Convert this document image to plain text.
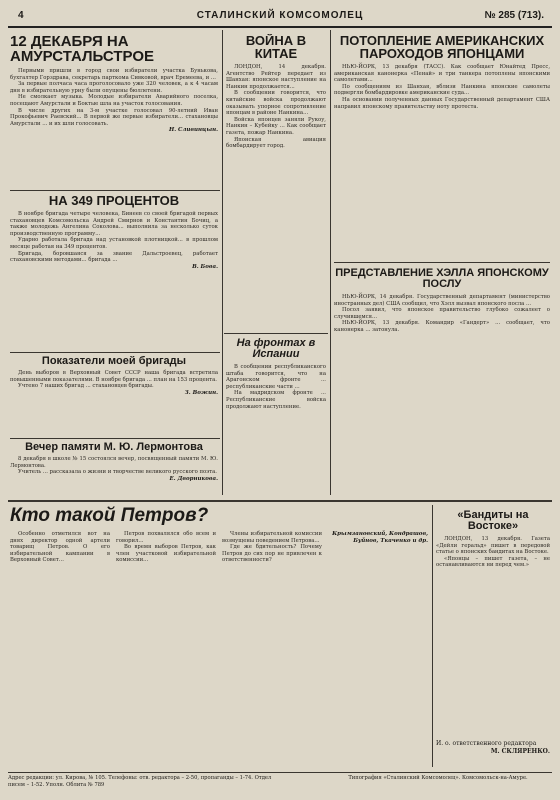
4	СТАЛИНСКИЙ КОМСОМОЛЕЦ	№ 285 (713).
12 ДЕКАБРЯ НА АМУРСТАЛЬСТРОЕ

Первыми пришли в город свои избиратели участка Бунькова, бухгалтер Горздрава, секретарь парткома Сивковой, врач Еремеева, и ...

За первые полчаса часа проголосовало уже 320 человек, а к 4 часам дня в избирательную урну были опущены бюллетени.

Не смолкает музыка. Молодые избиратели Аварийного поселка, посещают Амурстали и Боктые шла на участок голосования.

В числе других на 3-м участке голосовал 90-летний Иван Прокофьевич Раевский... В первой же первые избиратели... стахановцы Амурстали ... и их шли голосовать.

Н. Сливинцын.

НА 349 ПРОЦЕНТОВ

В ноябре бригада четыре человека, Бинеев со своей бригадой первых стахановцев Комсомольска Андрей Смирнов и Константин Бочиц, а также молодежь Ангелина Соколова... выполнила за несколько суток производственную программу...

Ударно работала бригада над установкой плотницкой... в прошлом месяце работая на 349 процентов.

Бригада, боровшаяся за звание Дальстроевец, работает стахановскими методами... бригада ...

В. Бова.

Показатели моей бригады

День выборов в Верховный Совет СССР наша бригада встретила повышенными показателями. В ноябре бригада ... план на 153 процента.

Учтено 7 наших бригад ... стахановцев бригады.

З. Вожин.

Вечер памяти М. Ю. Лермонтова

8 декабря в школе № 15 состоялся вечер, посвященный памяти М. Ю. Лермонтова.

Учитель ... рассказала о жизни и творчестве великого русского поэта.

Е. Дворникова.

ВОЙНА В КИТАЕ

ЛОНДОН, 14 декабря. Агентство Рейтер передает из Шанхая: японское наступление на Нанкин продолжается...

В сообщении говорится, что китайские войска продолжают оказывать упорное сопротивление японцам в районе Нанкина...

Войска японцев заняли Рукоу, Нанкин – Кубейку ... Как сообщает газета, пожар Нанкина.

Японская авиация бомбардирует город.

На фронтах в Испании

В сообщении республиканского штаба говорится, что на Арагонском фронте ... республиканские части ...

На мадридском фронте ... Республиканские войска продолжают наступление.

ПОТОПЛЕНИЕ АМЕРИКАНСКИХ ПАРОХОДОВ ЯПОНЦАМИ

НЬЮ-ЙОРК, 13 декабря (ТАСС). Как сообщает Юнайтед Пресс, американская канонерка «Пенай» и три танкера потоплены японскими самолетами...

По сообщениям из Шанхая, вблизи Нанкина японские самолеты подвергли бомбардировке американские суда...

На основании полученных данных Государственный департамент США направил японскому правительству ноту протеста.

ПРЕДСТАВЛЕНИЕ ХЭЛЛА ЯПОНСКОМУ ПОСЛУ

НЬЮ-ЙОРК, 14 декабря. Государственный департамент (министерство иностранных дел) США сообщил, что Хэлл вызвал японского посла ...

Посол заявил, что японское правительство глубоко сожалеет о случившемся...

НЬЮ-ЙОРК, 13 декабря. Командир «Гандерт» ... сообщает, что канонерка ... затонула.

Кто такой Петров?

Особенно отметился вот на днях директор одной артели товарищ Петров. О его избирательной кампании в Верховный Совет...

Петров похвалялся обо всем и говорил...

Во время выборов Петров, как член участковой избирательной комиссии...

Члены избирательной комиссии возмущены поведением Петрова...

Где же бдительность? Почему Петров до сих пор не привлечен к ответственности?

Крымзановский, Кондрашов, Буйнов, Ткаченко и др.

«Бандиты на Востоке»

ЛОНДОН, 13 декабря. Газета «Дейли геральд» пишет в передовой статье о японских бандитах на Востоке.

«Японцы – пишет газета, – не останавливаются ни перед чем.»

И. о. ответственного редактора
М. СКЛЯРЕНКО.
Адрес редакции: ул. Кирова, № 105. Телефоны: отв. редактора – 2-50, пропаганды – 1-74. Отдел писем – 1-52. Уполн. Облита № 789
Типография «Сталинский Комсомолец». Комсомольск-на-Амуре.
